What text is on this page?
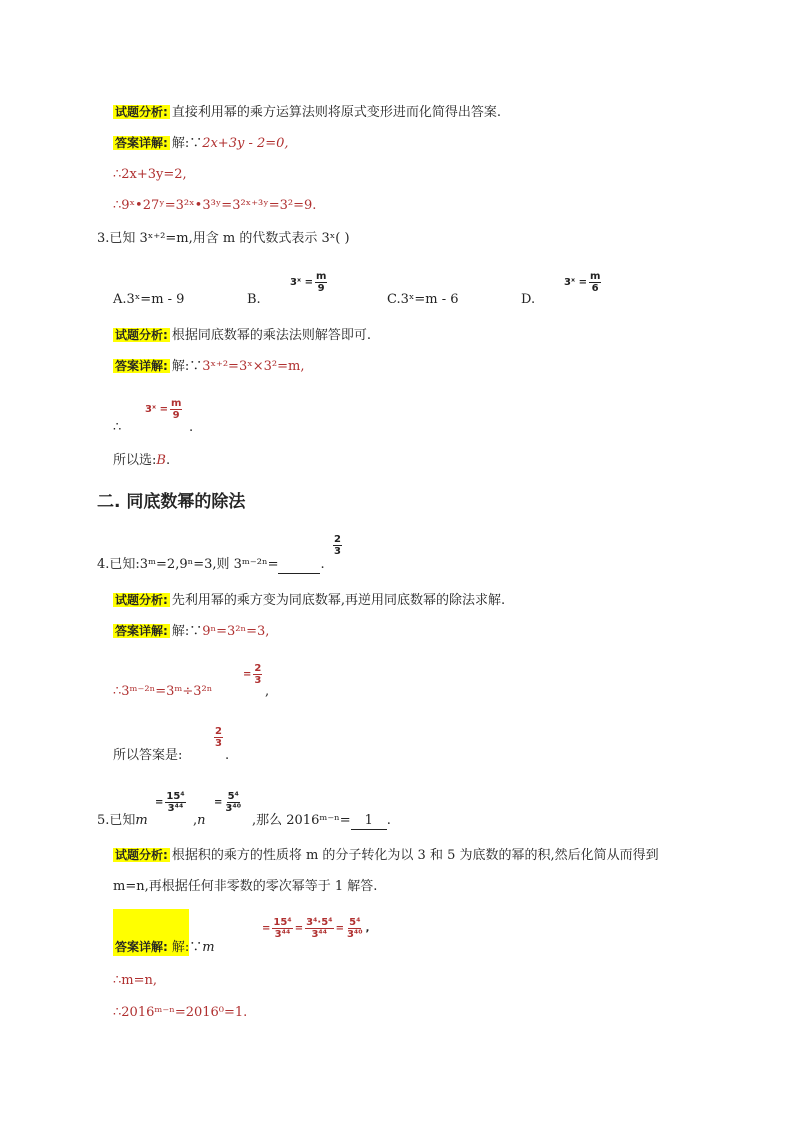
试题分析: 直接利用幂的乘方运算法则将原式变形进而化简得出答案.
答案详解: 解:∵2x+3y - 2=0,
∴2x+3y=2,
∴9ˣ•27ʸ=3²ˣ•3³ʸ=3²ˣ⁺³ʸ=3²=9.
3.已知 3ˣ⁺²=m,用含 m 的代数式表示 3ˣ( )
A.3ˣ=m - 9	B.
3ˣ = $\frac{m}{9}$
C.3ˣ=m - 6	D.
3ˣ = $\frac{m}{6}$
试题分析: 根据同底数幂的乘法法则解答即可.
答案详解: 解:∵3ˣ⁺²=3ˣ×3²=m,
∴
3ˣ = $\frac{m}{9}$
.
所以选:B.
二. 同底数幂的除法
4.已知:3ᵐ=2,9ⁿ=3,则 3ᵐ⁻²ⁿ=	.
$\frac{2}{3}$
试题分析: 先利用幂的乘方变为同底数幂,再逆用同底数幂的除法求解.
答案详解: 解:∵9ⁿ=3²ⁿ=3,
∴3ᵐ⁻²ⁿ=3ᵐ÷3²ⁿ
= $\frac{2}{3}$
,
所以答案是:
$\frac{2}{3}$
.
5.已知m
= $\frac{\text{15⁴}}{\text{3⁴⁴}}$
,n
= $\frac{\text{5⁴}}{\text{3⁴⁰}}$
,那么 2016ᵐ⁻ⁿ= 1 .
试题分析: 根据积的乘方的性质将 m 的分子转化为以 3 和 5 为底数的幂的积,然后化简从而得到
m=n,再根据任何非零数的零次幂等于 1 解答.
答案详解: 解:∵m
= $\frac{\text{15⁴}}{\text{3⁴⁴}} = \frac{\text{3⁴·5⁴}}{\text{3⁴⁴}} = \frac{\text{5⁴}}{\text{3⁴⁰}}$ ,
∴m=n,
∴2016ᵐ⁻ⁿ=2016⁰=1.
